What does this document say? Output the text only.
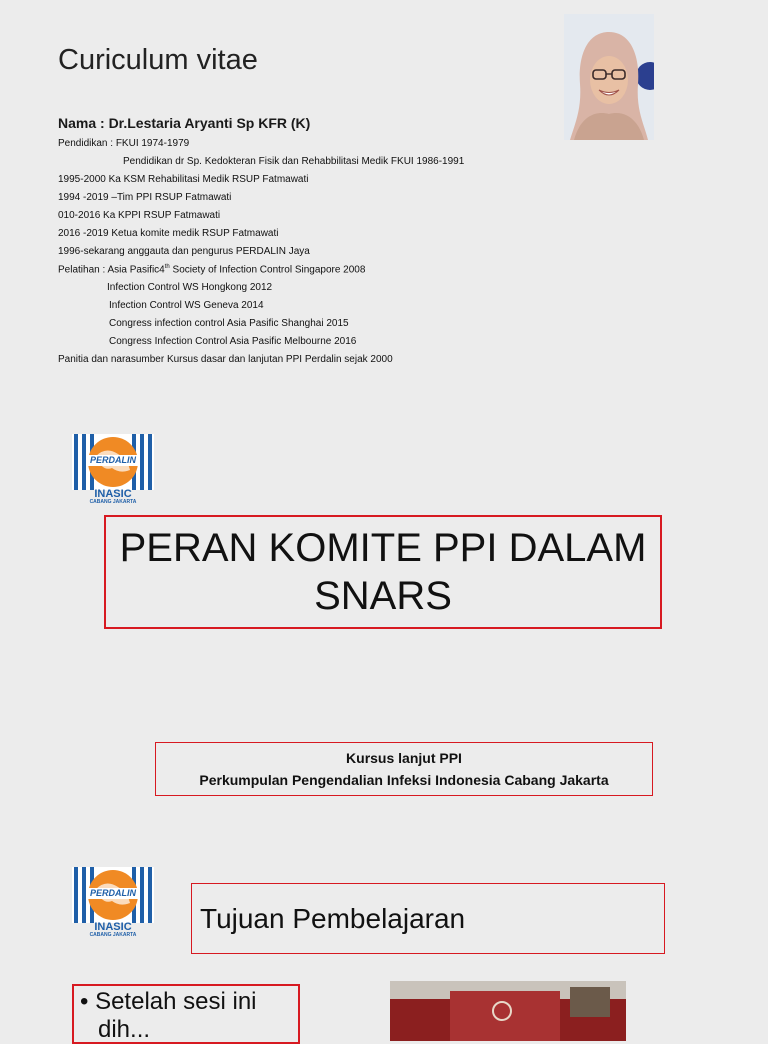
Curiculum vitae
Nama : Dr.Lestaria Aryanti Sp KFR (K)
Pendidikan : FKUI 1974-1979
Pendidikan dr Sp. Kedokteran Fisik dan Rehabbilitasi Medik FKUI 1986-1991
1995-2000 Ka KSM Rehabilitasi Medik RSUP Fatmawati
1994 -2019 –Tim PPI RSUP Fatmawati
010-2016 Ka KPPI RSUP Fatmawati
2016 -2019 Ketua komite medik RSUP Fatmawati
1996-sekarang anggauta dan pengurus PERDALIN Jaya
Pelatihan : Asia Pasific4th Society of Infection Control Singapore 2008
Infection Control WS Hongkong 2012
Infection Control WS Geneva 2014
Congress infection control Asia Pasific Shanghai 2015
Congress Infection Control Asia Pasific Melbourne 2016
Panitia dan narasumber Kursus dasar dan lanjutan PPI Perdalin sejak 2000
PERDALIN
INASIC
CABANG JAKARTA
PERAN KOMITE PPI DALAM SNARS
Kursus lanjut PPI
Perkumpulan Pengendalian Infeksi Indonesia Cabang Jakarta
PERDALIN
INASIC
CABANG JAKARTA
Tujuan Pembelajaran
• Setelah sesi ini
dih...
